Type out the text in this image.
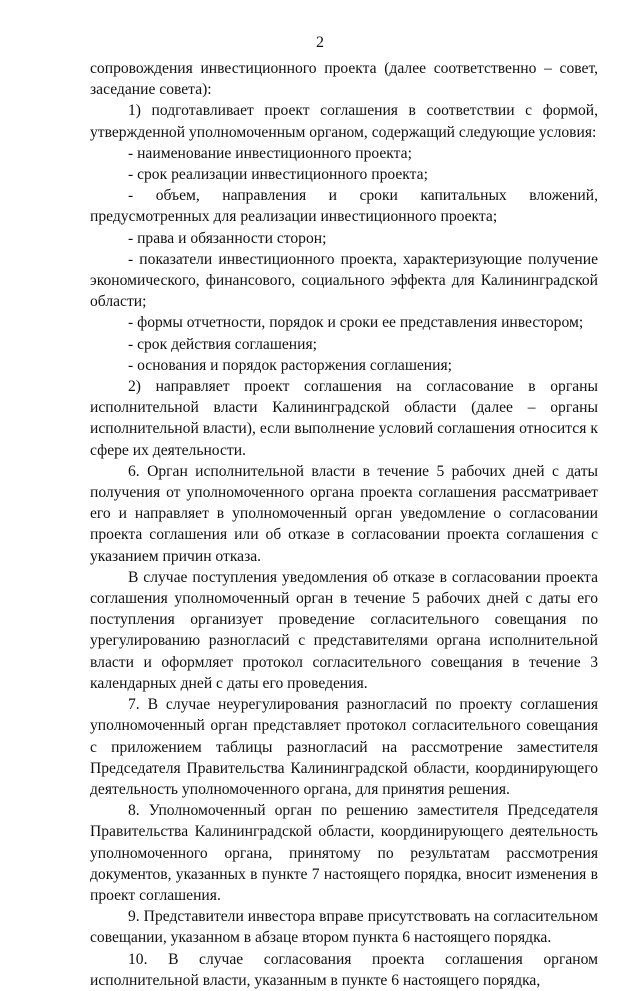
2

сопровождения инвестиционного проекта (далее соответственно – совет, заседание совета):

1) подготавливает проект соглашения в соответствии с формой, утвержденной уполномоченным органом, содержащий следующие условия:

- наименование инвестиционного проекта;

- срок реализации инвестиционного проекта;

- объем, направления и сроки капитальных вложений, предусмотренных для реализации инвестиционного проекта;

- права и обязанности сторон;

- показатели инвестиционного проекта, характеризующие получение экономического, финансового, социального эффекта для Калининградской области;

- формы отчетности, порядок и сроки ее представления инвестором;

- срок действия соглашения;

- основания и порядок расторжения соглашения;

2) направляет проект соглашения на согласование в органы исполнительной власти Калининградской области (далее – органы исполнительной власти), если выполнение условий соглашения относится к сфере их деятельности.

6. Орган исполнительной власти в течение 5 рабочих дней с даты получения от уполномоченного органа проекта соглашения рассматривает его и направляет в уполномоченный орган уведомление о согласовании проекта соглашения или об отказе в согласовании проекта соглашения с указанием причин отказа.

В случае поступления уведомления об отказе в согласовании проекта соглашения уполномоченный орган в течение 5 рабочих дней с даты его поступления организует проведение согласительного совещания по урегулированию разногласий с представителями органа исполнительной власти и оформляет протокол согласительного совещания в течение 3 календарных дней с даты его проведения.

7. В случае неурегулирования разногласий по проекту соглашения уполномоченный орган представляет протокол согласительного совещания с приложением таблицы разногласий на рассмотрение заместителя Председателя Правительства Калининградской области, координирующего деятельность уполномоченного органа, для принятия решения.

8. Уполномоченный орган по решению заместителя Председателя Правительства Калининградской области, координирующего деятельность уполномоченного органа, принятому по результатам рассмотрения документов, указанных в пункте 7 настоящего порядка, вносит изменения в проект соглашения.

9. Представители инвестора вправе присутствовать на согласительном совещании, указанном в абзаце втором пункта 6 настоящего порядка.

10. В случае согласования проекта соглашения органом исполнительной власти, указанным в пункте 6 настоящего порядка,
